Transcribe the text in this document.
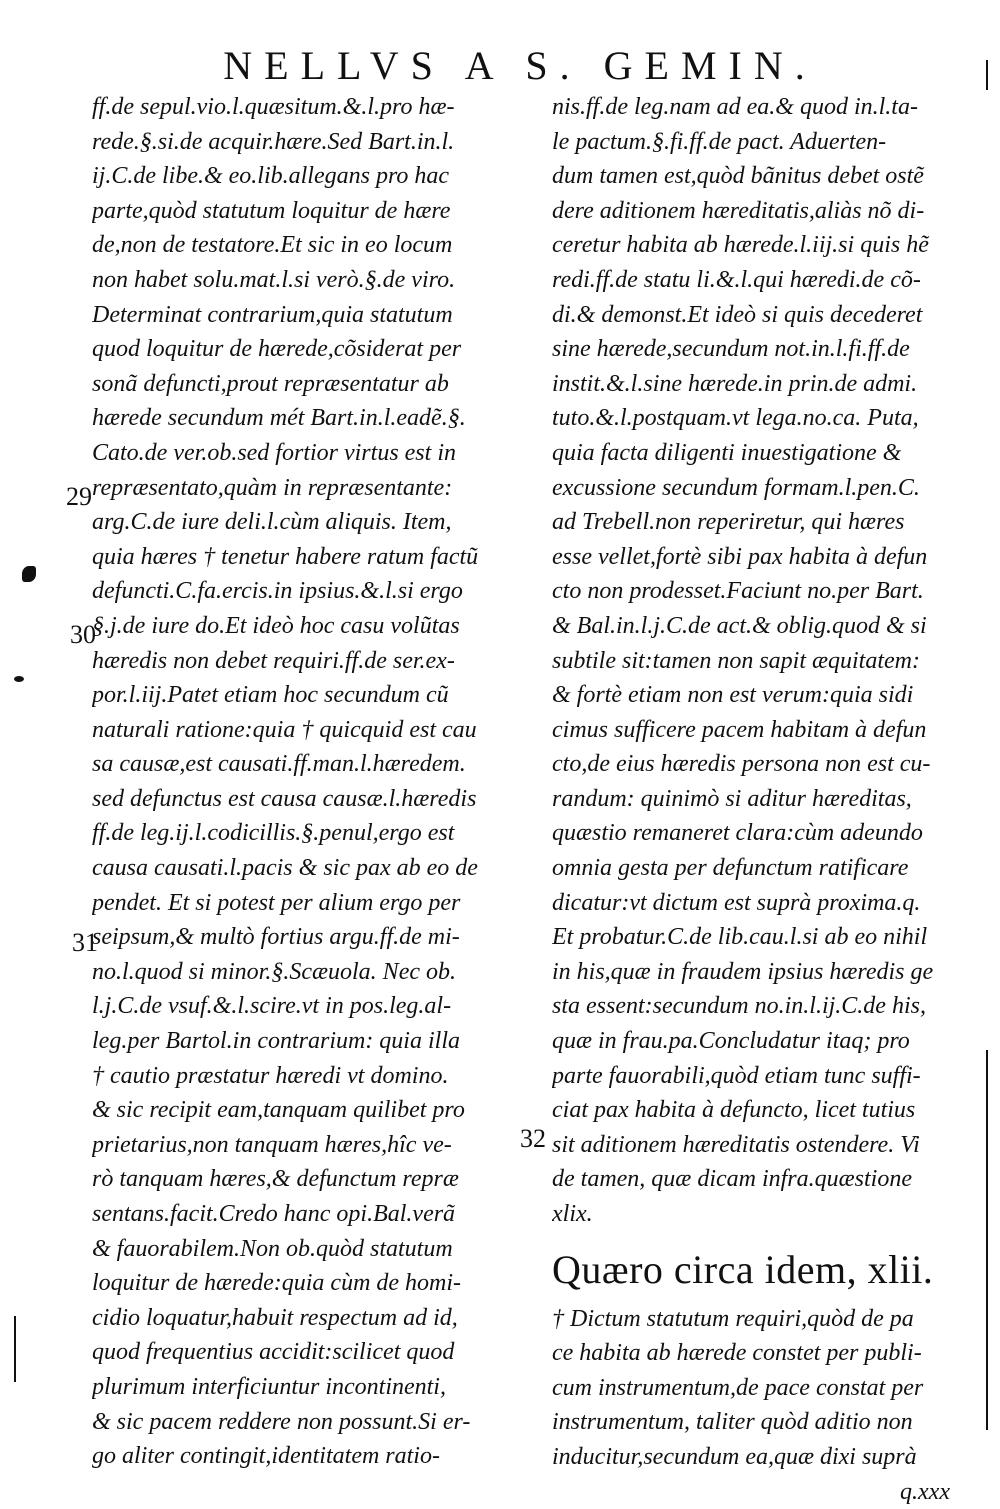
NELLVS A S. GEMIN.
ff.de sepul.vio.l.quæsitum.&.l.pro hæ-
rede.§.si.de acquir.hære.Sed Bart.in.l.
ij.C.de libe.& eo.lib.allegans pro hac
parte,quòd statutum loquitur de hære
de,non de testatore.Et sic in eo locum
non habet solu.mat.l.si verò.§.de viro.
Determinat contrarium,quia statutum
quod loquitur de hærede,cõsiderat per
sonã defuncti,prout repræsentatur ab
hærede secundum mét Bart.in.l.eadẽ.§.
Cato.de ver.ob.sed fortior virtus est in
repræsentato,quàm in repræsentante:
arg.C.de iure deli.l.cùm aliquis. Item,
quia hæres † tenetur habere ratum factũ
defuncti.C.fa.ercis.in ipsius.&.l.si ergo
§.j.de iure do.Et ideò hoc casu volũtas
hæredis non debet requiri.ff.de ser.ex-
por.l.iij.Patet etiam hoc secundum cũ
naturali ratione:quia † quicquid est cau
sa causæ,est causati.ff.man.l.hæredem.
sed defunctus est causa causæ.l.hæredis
ff.de leg.ij.l.codicillis.§.penul,ergo est
causa causati.l.pacis & sic pax ab eo de
pendet. Et si potest per alium ergo per
seipsum,& multò fortius argu.ff.de mi-
no.l.quod si minor.§.Scæuola. Nec ob.
l.j.C.de vsuf.&.l.scire.vt in pos.leg.al-
leg.per Bartol.in contrarium: quia illa
† cautio præstatur hæredi vt domino.
& sic recipit eam,tanquam quilibet pro
prietarius,non tanquam hæres,hîc ve-
rò tanquam hæres,& defunctum repræ
sentans.facit.Credo hanc opi.Bal.verã
& fauorabilem.Non ob.quòd statutum
loquitur de hærede:quia cùm de homi-
cidio loquatur,habuit respectum ad id,
quod frequentius accidit:scilicet quod
plurimum interficiuntur incontinenti,
& sic pacem reddere non possunt.Si er-
go aliter contingit,identitatem ratio-
nis.ff.de leg.nam ad ea.& quod in.l.ta-
le pactum.§.fi.ff.de pact. Aduerten-
dum tamen est,quòd bãnitus debet ostẽ
dere aditionem hæreditatis,aliàs nõ di-
ceretur habita ab hærede.l.iij.si quis hẽ
redi.ff.de statu li.&.l.qui hæredi.de cõ-
di.& demonst.Et ideò si quis decederet
sine hærede,secundum not.in.l.fi.ff.de
instit.&.l.sine hærede.in prin.de admi.
tuto.&.l.postquam.vt lega.no.ca. Puta,
quia facta diligenti inuestigatione &
excussione secundum formam.l.pen.C.
ad Trebell.non reperiretur, qui hæres
esse vellet,fortè sibi pax habita à defun
cto non prodesset.Faciunt no.per Bart.
& Bal.in.l.j.C.de act.& oblig.quod & si
subtile sit:tamen non sapit æquitatem:
& fortè etiam non est verum:quia sidi
cimus sufficere pacem habitam à defun
cto,de eius hæredis persona non est cu-
randum: quinimò si aditur hæreditas,
quæstio remaneret clara:cùm adeundo
omnia gesta per defunctum ratificare
dicatur:vt dictum est suprà proxima.q.
Et probatur.C.de lib.cau.l.si ab eo nihil
in his,quæ in fraudem ipsius hæredis ge
sta essent:secundum no.in.l.ij.C.de his,
quæ in frau.pa.Concludatur itaq; pro
parte fauorabili,quòd etiam tunc suffi-
ciat pax habita à defuncto, licet tutius
sit aditionem hæreditatis ostendere. Vi
de tamen, quæ dicam infra.quæstione
xlix.
Quæro circa idem, xlii.
† Dictum statutum requiri,quòd de pa
ce habita ab hærede constet per publi-
cum instrumentum,de pace constat per
instrumentum, taliter quòd aditio non
inducitur,secundum ea,quæ dixi suprà
q.xxx
29
30
31
32
